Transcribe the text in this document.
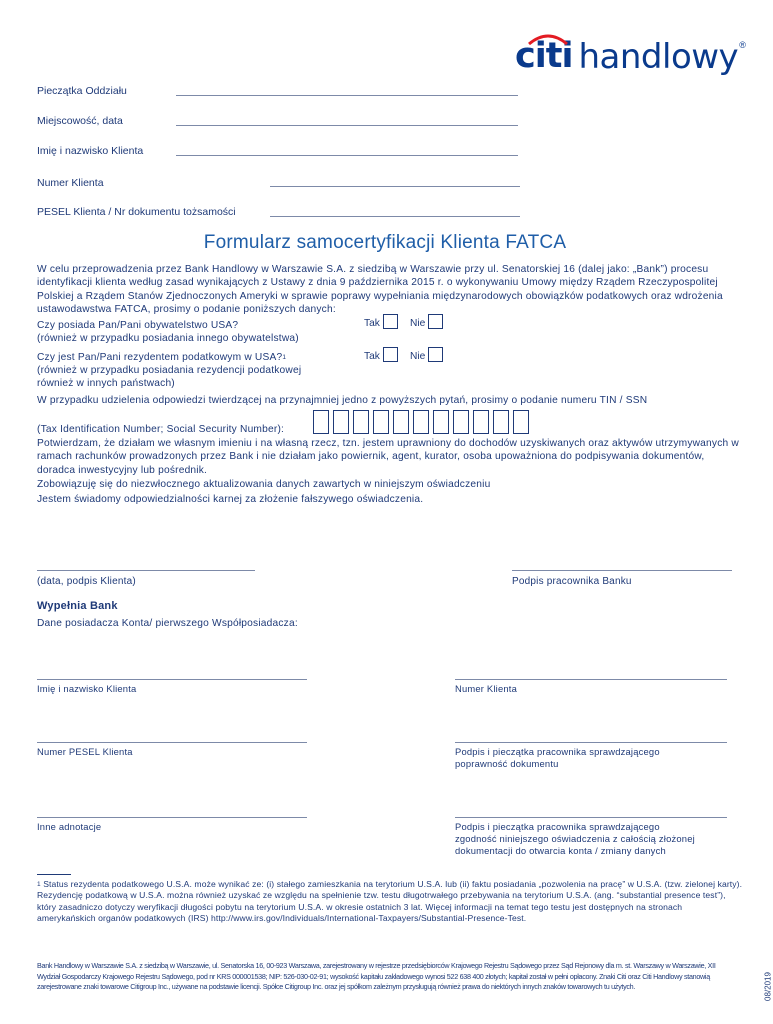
citi handlowy ®
Pieczątka Oddziału
Miejscowość, data
Imię i nazwisko Klienta
Numer Klienta
PESEL Klienta / Nr dokumentu tożsamości
Formularz samocertyfikacji Klienta FATCA
W celu przeprowadzenia przez Bank Handlowy w Warszawie S.A. z siedzibą w Warszawie przy ul. Senatorskiej 16 (dalej jako: „Bank”) procesu identyfikacji klienta według zasad wynikających z Ustawy z dnia 9 października 2015 r. o wykonywaniu Umowy między Rządem Rzeczypospolitej Polskiej a Rządem Stanów Zjednoczonych Ameryki w sprawie poprawy wypełniania międzynarodowych obowiązków podatkowych oraz wdrożenia ustawodawstwa FATCA, prosimy o podanie poniższych danych:
Czy posiada Pan/Pani obywatelstwo USA?
(również w przypadku posiadania innego obywatelstwa)
Tak	Nie
Czy jest Pan/Pani rezydentem podatkowym w USA?$^1$
(również w przypadku posiadania rezydencji podatkowej
również w innych państwach)
Tak	Nie
W przypadku udzielenia odpowiedzi twierdzącej na przynajmniej jedno z powyższych pytań, prosimy o podanie numeru TIN / SSN
(Tax Identification Number; Social Security Number):
Potwierdzam, że działam we własnym imieniu i na własną rzecz, tzn. jestem uprawniony do dochodów uzyskiwanych oraz aktywów utrzymywanych w ramach rachunków prowadzonych przez Bank i nie działam jako powiernik, agent, kurator, osoba upoważniona do podpisywania dokumentów, doradca inwestycyjny lub pośrednik.
Zobowiązuję się do niezwłocznego aktualizowania danych zawartych w niniejszym oświadczeniu
Jestem świadomy odpowiedzialności karnej za złożenie fałszywego oświadczenia.
(data, podpis Klienta)	Podpis pracownika Banku
Wypełnia Bank
Dane posiadacza Konta/ pierwszego Współposiadacza:
Imię i nazwisko Klienta	Numer Klienta
Numer PESEL Klienta	Podpis i pieczątka pracownika sprawdzającego
poprawność dokumentu
Inne adnotacje	Podpis i pieczątka pracownika sprawdzającego
zgodność niniejszego oświadczenia z całością złożonej
dokumentacji do otwarcia konta / zmiany danych
$^1$ Status rezydenta podatkowego U.S.A. może wynikać ze: (i) stałego zamieszkania na terytorium U.S.A. lub (ii) faktu posiadania „pozwolenia na pracę” w U.S.A. (tzw. zielonej karty). Rezydencję podatkową w U.S.A. można również uzyskać ze względu na spełnienie tzw. testu długotrwałego przebywania na terytorium U.S.A. (ang. “substantial presence test”), który zasadniczo dotyczy weryfikacji długości pobytu na terytorium U.S.A. w okresie ostatnich 3 lat. Więcej informacji na temat tego testu jest dostępnych na stronach amerykańskich organów podatkowych (IRS) http://www.irs.gov/Individuals/International-Taxpayers/Substantial-Presence-Test.
Bank Handlowy w Warszawie S.A. z siedzibą w Warszawie, ul. Senatorska 16, 00-923 Warszawa, zarejestrowany w rejestrze przedsiębiorców Krajowego Rejestru Sądowego przez Sąd Rejonowy dla m. st. Warszawy w Warszawie, XII Wydział Gospodarczy Krajowego Rejestru Sądowego, pod nr KRS 000001538; NIP: 526-030-02-91; wysokość kapitału zakładowego wynosi 522 638 400 złotych; kapitał został w pełni opłacony. Znaki Citi oraz Citi Handlowy stanowią zarejestrowane znaki towarowe Citigroup Inc., używane na podstawie licencji. Spółce Citigroup Inc. oraz jej spółkom zależnym przysługują również prawa do niektórych innych znaków towarowych tu użytych.	08/2019
